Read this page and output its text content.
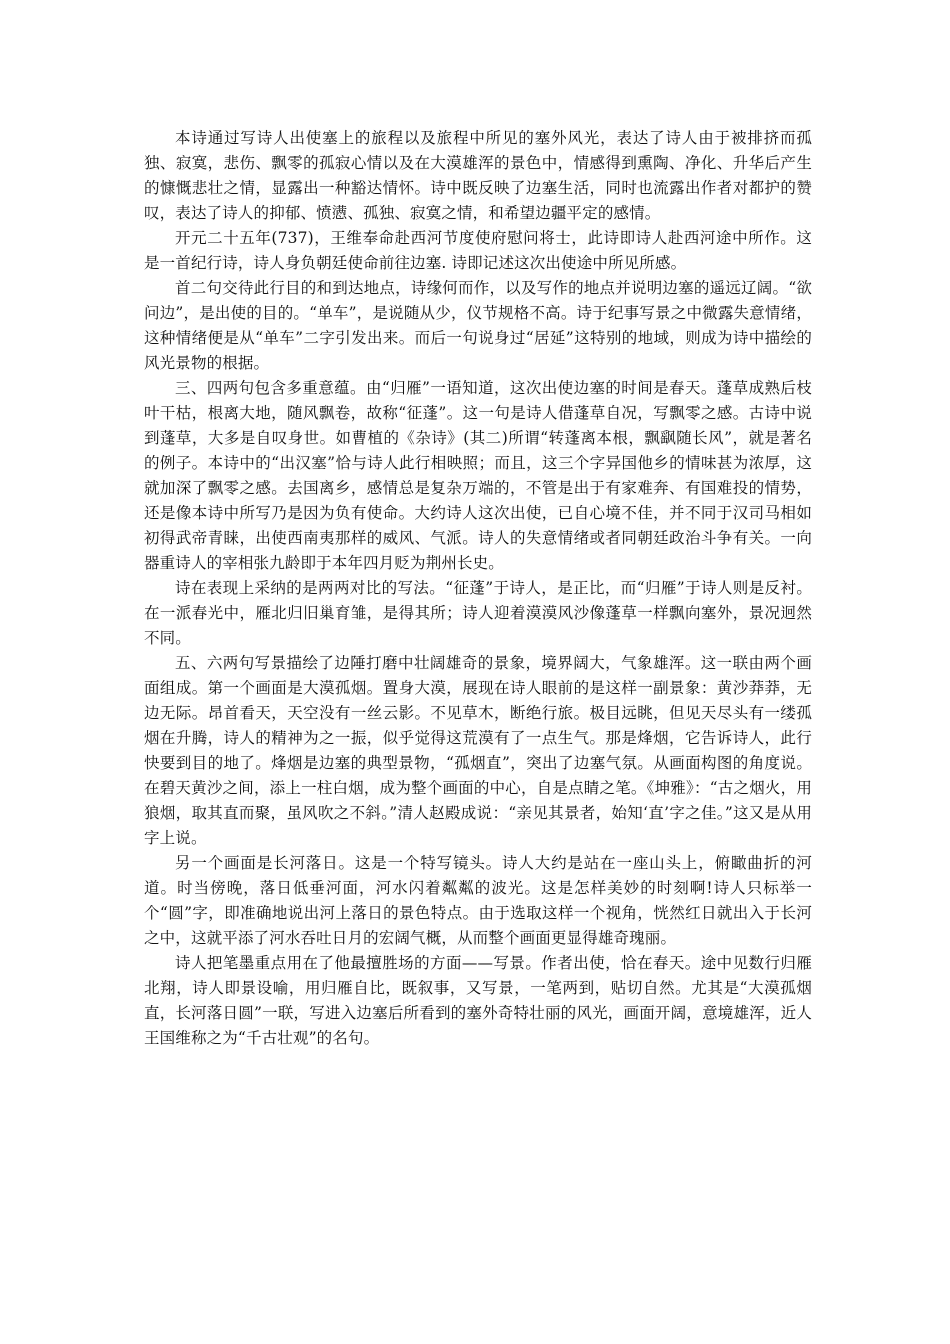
本诗通过写诗人出使塞上的旅程以及旅程中所见的塞外风光，表达了诗人由于被排挤而孤独、寂寞，悲伤、飘零的孤寂心情以及在大漠雄浑的景色中，情感得到熏陶、净化、升华后产生的慷慨悲壮之情，显露出一种豁达情怀。诗中既反映了边塞生活，同时也流露出作者对都护的赞叹，表达了诗人的抑郁、愤懑、孤独、寂寞之情，和希望边疆平定的感情。

开元二十五年(737)，王维奉命赴西河节度使府慰问将士，此诗即诗人赴西河途中所作。这是一首纪行诗，诗人身负朝廷使命前往边塞. 诗即记述这次出使途中所见所感。

首二句交待此行目的和到达地点，诗缘何而作，以及写作的地点并说明边塞的遥远辽阔。“欲问边”，是出使的目的。“单车”，是说随从少，仪节规格不高。诗于纪事写景之中微露失意情绪，这种情绪便是从“单车”二字引发出来。而后一句说身过“居延”这特别的地域，则成为诗中描绘的风光景物的根据。

三、四两句包含多重意蕴。由“归雁”一语知道，这次出使边塞的时间是春天。蓬草成熟后枝叶干枯，根离大地，随风飘卷，故称“征蓬”。这一句是诗人借蓬草自况，写飘零之感。古诗中说到蓬草，大多是自叹身世。如曹植的《杂诗》(其二)所谓“转蓬离本根，飘飖随长风”，就是著名的例子。本诗中的“出汉塞”恰与诗人此行相映照；而且，这三个字异国他乡的情味甚为浓厚，这就加深了飘零之感。去国离乡，感情总是复杂万端的，不管是出于有家难奔、有国难投的情势，还是像本诗中所写乃是因为负有使命。大约诗人这次出使，已自心境不佳，并不同于汉司马相如初得武帝青睐，出使西南夷那样的威风、气派。诗人的失意情绪或者同朝廷政治斗争有关。一向器重诗人的宰相张九龄即于本年四月贬为荆州长史。

诗在表现上采纳的是两两对比的写法。“征蓬”于诗人，是正比，而“归雁”于诗人则是反衬。在一派春光中，雁北归旧巢育雏，是得其所；诗人迎着漠漠风沙像蓬草一样飘向塞外，景况迥然不同。

五、六两句写景描绘了边陲打磨中壮阔雄奇的景象，境界阔大，气象雄浑。这一联由两个画面组成。第一个画面是大漠孤烟。置身大漠，展现在诗人眼前的是这样一副景象：黄沙莽莽，无边无际。昂首看天，天空没有一丝云影。不见草木，断绝行旅。极目远眺，但见天尽头有一缕孤烟在升腾，诗人的精神为之一振，似乎觉得这荒漠有了一点生气。那是烽烟，它告诉诗人，此行快要到目的地了。烽烟是边塞的典型景物，“孤烟直”，突出了边塞气氛。从画面构图的角度说。在碧天黄沙之间，添上一柱白烟，成为整个画面的中心，自是点睛之笔。《坤雅》：“古之烟火，用狼烟，取其直而聚，虽风吹之不斜。”清人赵殿成说：“亲见其景者，始知‘直’字之佳。”这又是从用字上说。

另一个画面是长河落日。这是一个特写镜头。诗人大约是站在一座山头上，俯瞰曲折的河道。时当傍晚，落日低垂河面，河水闪着粼粼的波光。这是怎样美妙的时刻啊!诗人只标举一个“圆”字，即准确地说出河上落日的景色特点。由于选取这样一个视角，恍然红日就出入于长河之中，这就平添了河水吞吐日月的宏阔气概，从而整个画面更显得雄奇瑰丽。

诗人把笔墨重点用在了他最擅胜场的方面——写景。作者出使，恰在春天。途中见数行归雁北翔，诗人即景设喻，用归雁自比，既叙事，又写景，一笔两到，贴切自然。尤其是“大漠孤烟直，长河落日圆”一联，写进入边塞后所看到的塞外奇特壮丽的风光，画面开阔，意境雄浑，近人王国维称之为“千古壮观”的名句。
